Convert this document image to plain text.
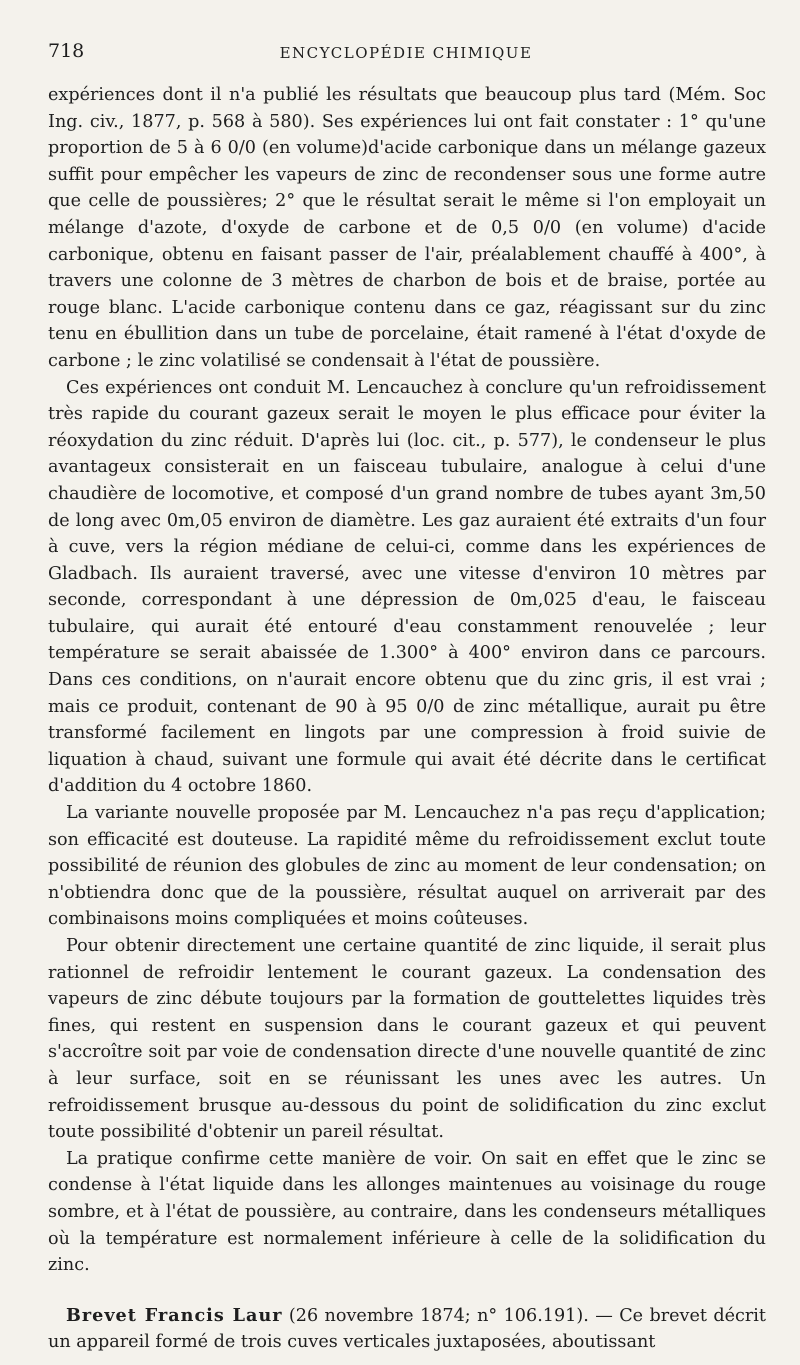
718	ENCYCLOPÉDIE CHIMIQUE

expériences dont il n'a publié les résultats que beaucoup plus tard (Mém. Soc Ing. civ., 1877, p. 568 à 580). Ses expériences lui ont fait constater : 1° qu'une proportion de 5 à 6 0/0 (en volume)d'acide carbonique dans un mélange gazeux suffit pour empêcher les vapeurs de zinc de recondenser sous une forme autre que celle de poussières; 2° que le résultat serait le même si l'on employait un mélange d'azote, d'oxyde de carbone et de 0,5 0/0 (en volume) d'acide carbonique, obtenu en faisant passer de l'air, préalablement chauffé à 400°, à travers une colonne de 3 mètres de charbon de bois et de braise, portée au rouge blanc. L'acide carbonique contenu dans ce gaz, réagissant sur du zinc tenu en ébullition dans un tube de porcelaine, était ramené à l'état d'oxyde de carbone ; le zinc volatilisé se condensait à l'état de poussière.

Ces expériences ont conduit M. Lencauchez à conclure qu'un refroidissement très rapide du courant gazeux serait le moyen le plus efficace pour éviter la réoxydation du zinc réduit. D'après lui (loc. cit., p. 577), le condenseur le plus avantageux consisterait en un faisceau tubulaire, analogue à celui d'une chaudière de locomotive, et composé d'un grand nombre de tubes ayant 3m,50 de long avec 0m,05 environ de diamètre. Les gaz auraient été extraits d'un four à cuve, vers la région médiane de celui-ci, comme dans les expériences de Gladbach. Ils auraient traversé, avec une vitesse d'environ 10 mètres par seconde, correspondant à une dépression de 0m,025 d'eau, le faisceau tubulaire, qui aurait été entouré d'eau constamment renouvelée ; leur température se serait abaissée de 1.300° à 400° environ dans ce parcours. Dans ces conditions, on n'aurait encore obtenu que du zinc gris, il est vrai ; mais ce produit, contenant de 90 à 95 0/0 de zinc métallique, aurait pu être transformé facilement en lingots par une compression à froid suivie de liquation à chaud, suivant une formule qui avait été décrite dans le certificat d'addition du 4 octobre 1860.

La variante nouvelle proposée par M. Lencauchez n'a pas reçu d'application; son efficacité est douteuse. La rapidité même du refroidissement exclut toute possibilité de réunion des globules de zinc au moment de leur condensation; on n'obtiendra donc que de la poussière, résultat auquel on arriverait par des combinaisons moins compliquées et moins coûteuses.

Pour obtenir directement une certaine quantité de zinc liquide, il serait plus rationnel de refroidir lentement le courant gazeux. La condensation des vapeurs de zinc débute toujours par la formation de gouttelettes liquides très fines, qui restent en suspension dans le courant gazeux et qui peuvent s'accroître soit par voie de condensation directe d'une nouvelle quantité de zinc à leur surface, soit en se réunissant les unes avec les autres. Un refroidissement brusque au-dessous du point de solidification du zinc exclut toute possibilité d'obtenir un pareil résultat.

La pratique confirme cette manière de voir. On sait en effet que le zinc se condense à l'état liquide dans les allonges maintenues au voisinage du rouge sombre, et à l'état de poussière, au contraire, dans les condenseurs métalliques où la température est normalement inférieure à celle de la solidification du zinc.

Brevet Francis Laur (26 novembre 1874; n° 106.191). — Ce brevet décrit un appareil formé de trois cuves verticales juxtaposées, aboutissant
